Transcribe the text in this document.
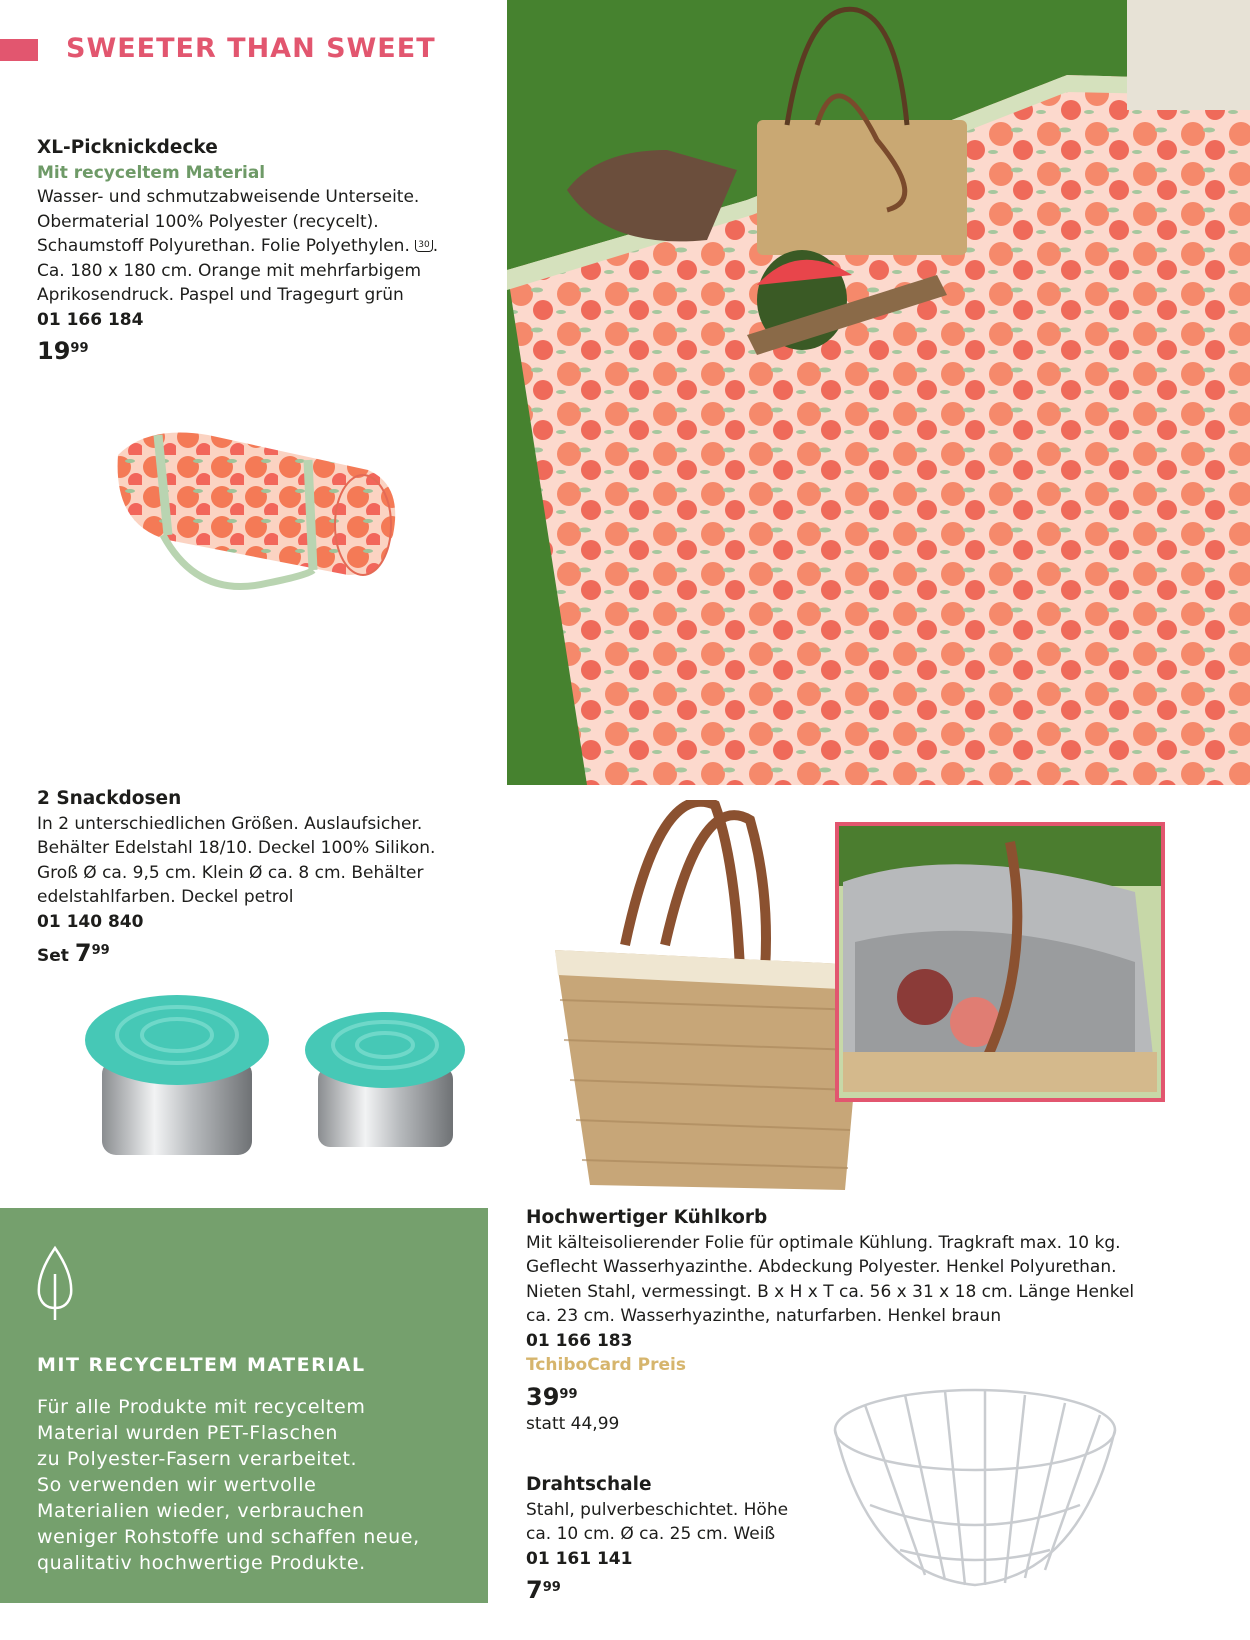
SWEETER THAN SWEET
XL-Picknickdecke
Mit recyceltem Material
Wasser- und schmutzabweisende Unterseite.
Obermaterial 100% Polyester (recycelt).
Schaumstoff Polyurethan. Folie Polyethylen. 30 .
Ca. 180 x 180 cm. Orange mit mehrfarbigem
Aprikosendruck. Paspel und Tragegurt grün
01 166 184
$19^{99}$
2 Snackdosen
In 2 unterschiedlichen Größen. Auslaufsicher.
Behälter Edelstahl 18/10. Deckel 100% Silikon.
Groß Ø ca. 9,5 cm. Klein Ø ca. 8 cm. Behälter
edelstahlfarben. Deckel petrol
01 140 840
Set $7^{99}$
MIT RECYCELTEM MATERIAL
Für alle Produkte mit recyceltem
Material wurden PET-Flaschen
zu Polyester-Fasern verarbeitet.
So verwenden wir wertvolle
Materialien wieder, verbrauchen
weniger Rohstoffe und schaffen neue,
qualitativ hochwertige Produkte.
Hochwertiger Kühlkorb
Mit kälteisolierender Folie für optimale Kühlung. Tragkraft max. 10 kg.
Geflecht Wasserhyazinthe. Abdeckung Polyester. Henkel Polyurethan.
Nieten Stahl, vermessingt. B x H x T ca. 56 x 31 x 18 cm. Länge Henkel
ca. 23 cm. Wasserhyazinthe, naturfarben. Henkel braun
01 166 183
TchiboCard Preis
$39^{99}$
statt 44,99
Drahtschale
Stahl, pulverbeschichtet. Höhe
ca. 10 cm. Ø ca. 25 cm. Weiß
01 161 141
$7^{99}$
